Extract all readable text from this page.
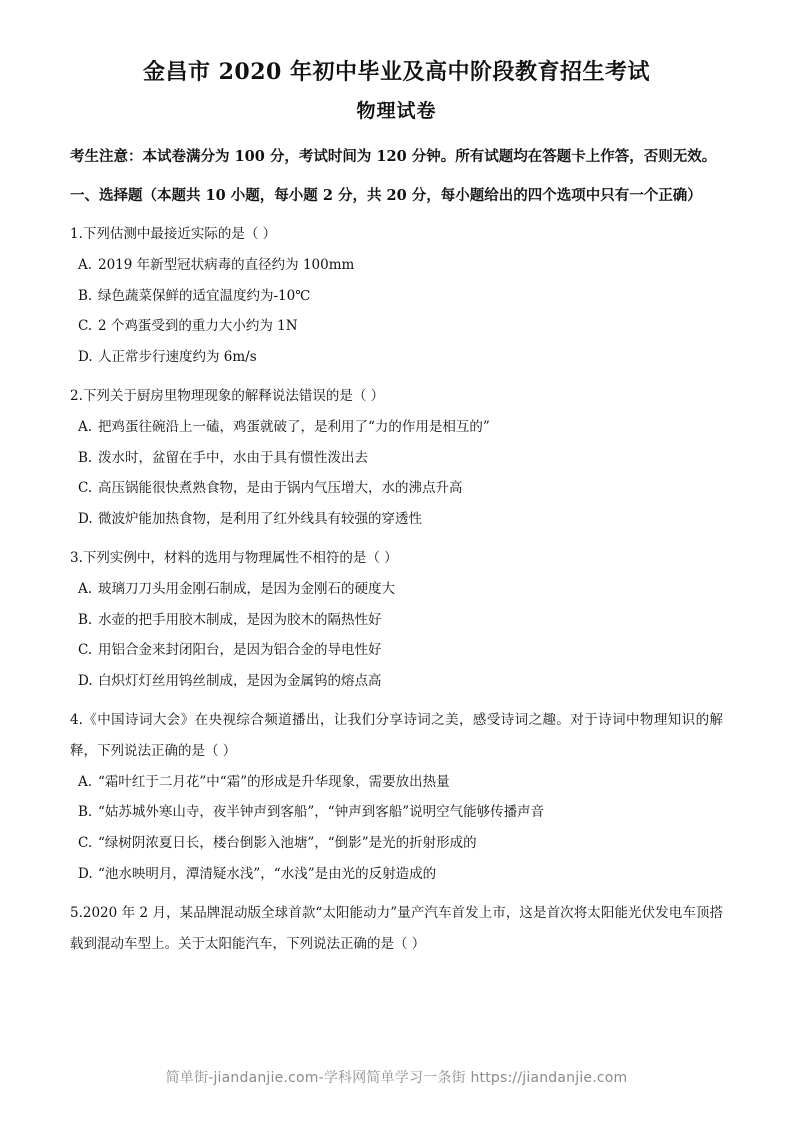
金昌市 2020 年初中毕业及高中阶段教育招生考试
物理试卷

考生注意：本试卷满分为 100 分，考试时间为 120 分钟。所有试题均在答题卡上作答，否则无效。

一、选择题（本题共 10 小题，每小题 2 分，共 20 分，每小题给出的四个选项中只有一个正确）

1.下列估测中最接近实际的是（ ）

A. 2019 年新型冠状病毒的直径约为 100mm
B. 绿色蔬菜保鲜的适宜温度约为-10℃
C. 2 个鸡蛋受到的重力大小约为 1N
D. 人正常步行速度约为 6m/s

2.下列关于厨房里物理现象的解释说法错误的是（ ）

A. 把鸡蛋往碗沿上一磕，鸡蛋就破了，是利用了“力的作用是相互的”
B. 泼水时，盆留在手中，水由于具有惯性泼出去
C. 高压锅能很快煮熟食物，是由于锅内气压增大，水的沸点升高
D. 微波炉能加热食物，是利用了红外线具有较强的穿透性

3.下列实例中，材料的选用与物理属性不相符的是（ ）

A. 玻璃刀刀头用金刚石制成，是因为金刚石的硬度大
B. 水壶的把手用胶木制成，是因为胶木的隔热性好
C. 用铝合金来封闭阳台，是因为铝合金的导电性好
D. 白炽灯灯丝用钨丝制成，是因为金属钨的熔点高

4.《中国诗词大会》在央视综合频道播出，让我们分享诗词之美，感受诗词之趣。对于诗词中物理知识的解释，下列说法正确的是（ ）

A. “霜叶红于二月花”中“霜”的形成是升华现象，需要放出热量
B. “姑苏城外寒山寺，夜半钟声到客船”，“钟声到客船”说明空气能够传播声音
C. “绿树阴浓夏日长，楼台倒影入池塘”，“倒影”是光的折射形成的
D. “池水映明月，潭清疑水浅”，“水浅”是由光的反射造成的

5.2020 年 2 月，某品牌混动版全球首款“太阳能动力”量产汽车首发上市，这是首次将太阳能光伏发电车顶搭载到混动车型上。关于太阳能汽车，下列说法正确的是（ ）

简单街-jiandanjie.com-学科网简单学习一条街 https://jiandanjie.com
